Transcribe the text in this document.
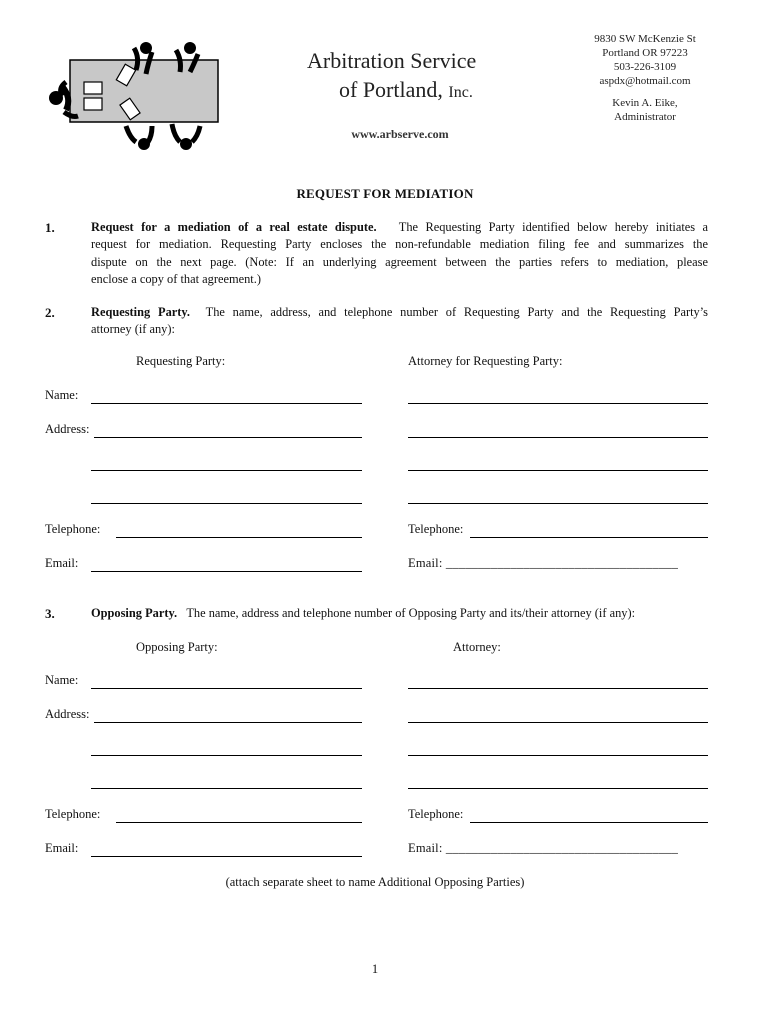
Arbitration Service
of Portland, Inc.
www.arbserve.com
9830 SW McKenzie St
Portland OR 97223
503-226-3109
aspdx@hotmail.com
Kevin A. Eike,
Administrator
REQUEST FOR MEDIATION
1.	Request for a mediation of a real estate dispute. The Requesting Party identified below hereby initiates a
request for mediation. Requesting Party encloses the non-refundable mediation filing fee and summarizes the
dispute on the next page. (Note: If an underlying agreement between the parties refers to mediation, please
enclose a copy of that agreement.)
2.	Requesting Party. The name, address, and telephone number of Requesting Party and the Requesting Party’s
attorney (if any):
Requesting Party:	Attorney for Requesting Party:
Name:
Address:
Telephone:	Telephone:
Email:	Email: ____________________________________
3.	Opposing Party. The name, address and telephone number of Opposing Party and its/their attorney (if any):
Opposing Party:	Attorney:
Name:
Address:
Telephone:	Telephone:
Email:	Email: ____________________________________
(attach separate sheet to name Additional Opposing Parties)
1
